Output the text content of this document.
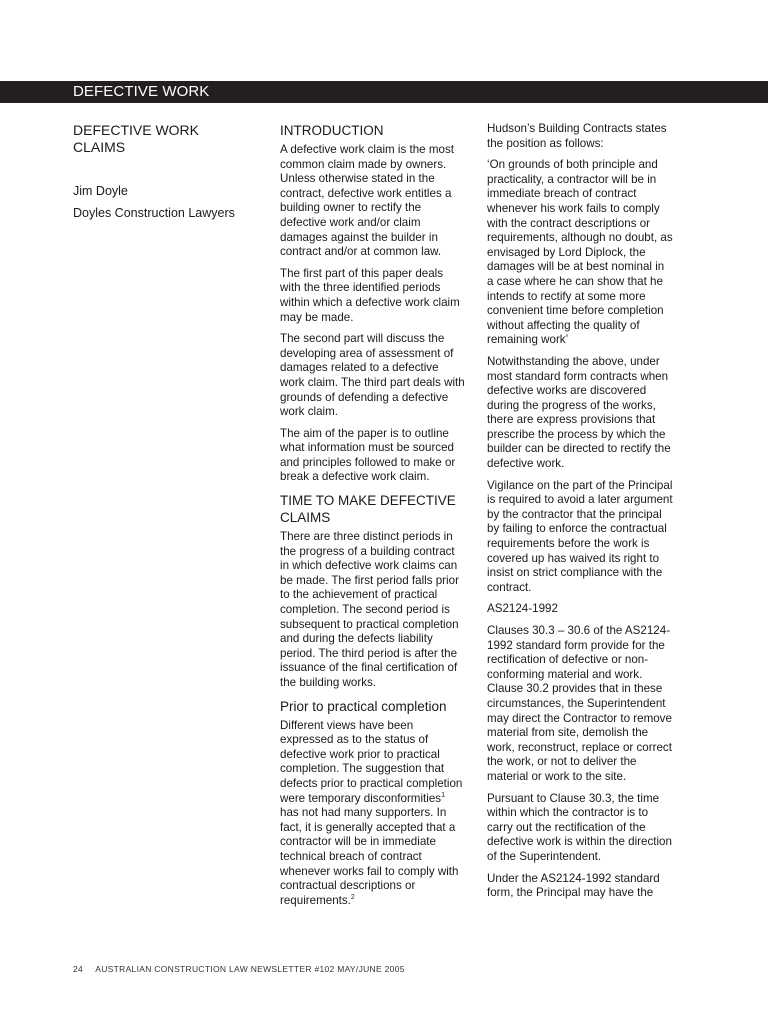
DEFECTIVE WORK
DEFECTIVE WORK
CLAIMS
Jim Doyle
Doyles Construction Lawyers
INTRODUCTION

A defective work claim is the most common claim made by owners. Unless otherwise stated in the contract, defective work entitles a building owner to rectify the defective work and/or claim damages against the builder in contract and/or at common law.

The first part of this paper deals with the three identified periods within which a defective work claim may be made.

The second part will discuss the developing area of assessment of damages related to a defective work claim. The third part deals with grounds of defending a defective work claim.

The aim of the paper is to outline what information must be sourced and principles followed to make or break a defective work claim.

TIME TO MAKE DEFECTIVE CLAIMS

There are three distinct periods in the progress of a building contract in which defective work claims can be made. The first period falls prior to the achievement of practical completion. The second period is subsequent to practical completion and during the defects liability period. The third period is after the issuance of the final certification of the building works.

Prior to practical completion

Different views have been expressed as to the status of defective work prior to practical completion. The suggestion that defects prior to practical completion were temporary disconformities$^1$ has not had many supporters. In fact, it is generally accepted that a contractor will be in immediate technical breach of contract whenever works fail to comply with contractual descriptions or requirements.$^2$

Hudson’s Building Contracts states the position as follows:

‘On grounds of both principle and practicality, a contractor will be in immediate breach of contract whenever his work fails to comply with the contract descriptions or requirements, although no doubt, as envisaged by Lord Diplock, the damages will be at best nominal in a case where he can show that he intends to rectify at some more convenient time before completion without affecting the quality of remaining work’

Notwithstanding the above, under most standard form contracts when defective works are discovered during the progress of the works, there are express provisions that prescribe the process by which the builder can be directed to rectify the defective work.

Vigilance on the part of the Principal is required to avoid a later argument by the contractor that the principal by failing to enforce the contractual requirements before the work is covered up has waived its right to insist on strict compliance with the contract.

AS2124-1992

Clauses 30.3 – 30.6 of the AS2124-1992 standard form provide for the rectification of defective or non-conforming material and work. Clause 30.2 provides that in these circumstances, the Superintendent may direct the Contractor to remove material from site, demolish the work, reconstruct, replace or correct the work, or not to deliver the material or work to the site.

Pursuant to Clause 30.3, the time within which the contractor is to carry out the rectification of the defective work is within the direction of the Superintendent.

Under the AS2124-1992 standard form, the Principal may have the

24 AUSTRALIAN CONSTRUCTION LAW NEWSLETTER #102 MAY/JUNE 2005
